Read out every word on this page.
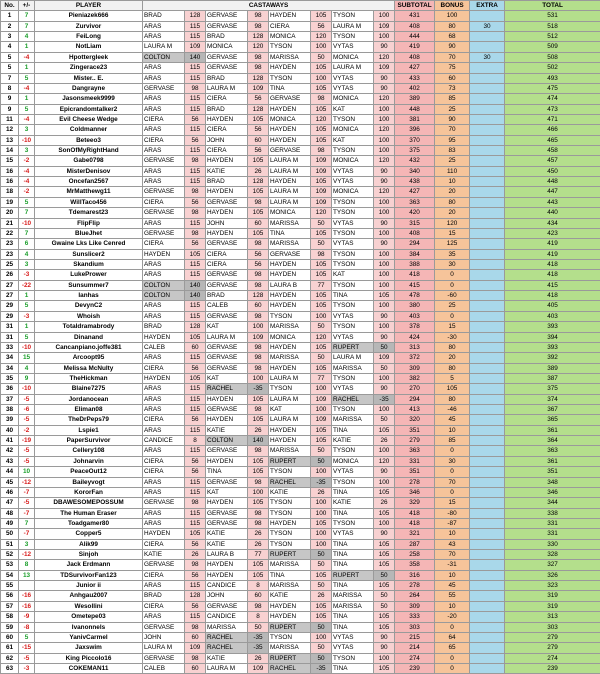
No.	+/-	PLAYER	CASTAWAYS								SUBTOTAL	BONUS	EXTRA	TOTAL
1	7	Pieniazek666	BRAD	128	GERVASE	98	HAYDEN	105	TYSON	100	431	100		531
2	7	Zurvivor	ARAS	115	GERVASE	98	CIERA	56	LAURA M	109	408	80	30	518
3	4	FeiLong	ARAS	115	BRAD	128	MONICA	120	TYSON	100	444	68		512
4	1	NotLiam	LAURA M	109	MONICA	120	TYSON	100	VYTAS	90	419	90		509
5	-4	Hpottergleek	COLTON	140	GERVASE	98	MARISSA	50	MONICA	120	408	70	30	508
5	1	Zingerace23	ARAS	115	GERVASE	98	HAYDEN	105	LAURA M	109	427	75		502
7	5	Mister.. E.	ARAS	115	BRAD	128	TYSON	100	VYTAS	90	433	60		493
8	-4	Dangrayne	GERVASE	98	LAURA M	109	TINA	105	VYTAS	90	402	73		475
9	1	Jasonsmeek9999	ARAS	115	CIERA	56	GERVASE	98	MONICA	120	389	85		474
9	5	Epicrandomtalker2	ARAS	115	BRAD	128	HAYDEN	105	KAT	100	448	25		473
11	-4	Evil Cheese Wedge	CIERA	56	HAYDEN	105	MONICA	120	TYSON	100	381	90		471
12	3	Coldmanner	ARAS	115	CIERA	56	HAYDEN	105	MONICA	120	396	70		466
13	-10	Beteeo3	CIERA	56	JOHN	60	HAYDEN	105	KAT	100	370	95		465
14	3	SonOfMyRightHand	ARAS	115	CIERA	56	GERVASE	98	TYSON	100	375	83		458
15	-2	Gabe0798	GERVASE	98	HAYDEN	105	LAURA M	109	MONICA	120	432	25		457
16	-4	MisterDenisov	ARAS	115	KATIE	26	LAURA M	109	VYTAS	90	340	110		450
16	-4	Oncefan2567	ARAS	115	BRAD	128	HAYDEN	105	VYTAS	90	438	10		448
18	-2	MrMatthewg11	GERVASE	98	HAYDEN	105	LAURA M	109	MONICA	120	427	20		447
19	5	WillTaco456	CIERA	56	GERVASE	98	LAURA M	109	TYSON	100	363	80		443
20	7	Tdemarest23	GERVASE	98	HAYDEN	105	MONICA	120	TYSON	100	420	20		440
21	-10	FlipFlip	ARAS	115	JOHN	60	MARISSA	50	VYTAS	90	315	120		434
22	7	BlueJhet	GERVASE	98	HAYDEN	105	TINA	105	TYSON	100	408	15		423
23	6	Gwaine Lks Like Cenred	CIERA	56	GERVASE	98	MARISSA	50	VYTAS	90	294	125		419
23	4	Sunslicer2	HAYDEN	105	CIERA	56	GERVASE	98	TYSON	100	384	35		419
25	3	Skandium	ARAS	115	CIERA	56	HAYDEN	105	TYSON	100	388	30		418
26	-3	LukePrower	ARAS	115	GERVASE	98	HAYDEN	105	KAT	100	418	0		418
27	-22	Sunsummer7	COLTON	140	GERVASE	98	LAURA B	77	TYSON	100	415	0		415
27	1	Ianhas	COLTON	140	BRAD	128	HAYDEN	105	TINA	105	478	-60		418
29	5	DevynC2	ARAS	115	CALEB	60	HAYDEN	105	TYSON	100	380	25		405
29	-3	Whoish	ARAS	115	GERVASE	98	TYSON	100	VYTAS	90	403	0		403
31	1	Totaldramabrody	BRAD	128	KAT	100	MARISSA	50	TYSON	100	378	15		393
31	5	Dinanand	HAYDEN	105	LAURA M	109	MONICA	120	VYTAS	90	424	-30		394
33	-10	Cancanpiano.joffe381	CALEB	60	GERVASE	98	HAYDEN	105	RUPERT	50	313	80		393
34	15	Arcoopt95	ARAS	115	GERVASE	98	MARISSA	50	LAURA M	109	372	20		392
34	4	Melissa McNulty	CIERA	56	GERVASE	98	HAYDEN	105	MARISSA	50	309	80		389
35	9	TheHickman	HAYDEN	105	KAT	100	LAURA M	77	TYSON	100	382	5		387
36	-10	Blaine7275	ARAS	115	RACHEL	-35	TYSON	100	VYTAS	90	270	105		375
37	-5	Jordanocean	ARAS	115	HAYDEN	105	LAURA M	109	RACHEL	-35	294	80		374
38	-6	Eliman08	ARAS	115	GERVASE	98	KAT	100	TYSON	100	413	-46		367
39	-5	TheDrPeps79	CIERA	56	HAYDEN	105	LAURA M	109	MARISSA	50	320	45		365
40	-2	Lspie1	ARAS	115	KATIE	26	HAYDEN	105	TINA	105	351	10		361
41	-19	PaperSurvivor	CANDICE	8	COLTON	140	HAYDEN	105	KATIE	26	279	85		364
42	-5	Cellery108	ARAS	115	GERVASE	98	MARISSA	50	TYSON	100	363	0		363
43	-5	Johnarvin	CIERA	56	HAYDEN	105	RUPERT	50	MONICA	120	331	30		361
44	10	PeaceOut12	CIERA	56	TINA	105	TYSON	100	VYTAS	90	351	0		351
45	-12	Baileyvogt	ARAS	115	GERVASE	98	RACHEL	-35	TYSON	100	278	70		348
46	-7	KororFan	ARAS	115	KAT	100	KATIE	26	TINA	105	346	0		346
47	-5	DBAWESOMEPOSSUM	GERVASE	98	HAYDEN	105	TYSON	100	KATIE	26	329	15		344
48	-7	The Human Eraser	ARAS	115	GERVASE	98	TYSON	100	TINA	105	418	-80		338
49	7	Toadgamer80	ARAS	115	GERVASE	98	HAYDEN	105	TYSON	100	418	-87		331
50	-7	Copper5	HAYDEN	105	KATIE	26	TYSON	100	VYTAS	90	321	10		331
51	3	Alik99	CIERA	56	KATIE	26	TYSON	100	TINA	105	287	43		330
52	-12	Sinjoh	KATIE	26	LAURA B	77	RUPERT	50	TINA	105	258	70		328
53	8	Jack Erdmann	GERVASE	98	HAYDEN	105	MARISSA	50	TINA	105	358	-31		327
54	13	TDSurvivorFan123	CIERA	56	HAYDEN	105	TINA	105	RUPERT	50	316	10		326
55		Junior ii	ARAS	115	CANDICE	8	MARISSA	50	TINA	105	278	45		323
56	-16	Anhgau2007	BRAD	128	JOHN	60	KATIE	26	MARISSA	50	264	55		319
57	-16	Wesollini	CIERA	56	GERVASE	98	HAYDEN	105	MARISSA	50	309	10		319
58	-9	Ometepe03	ARAS	115	CANDICE	8	HAYDEN	105	TINA	105	333	-20		313
59	-8	Ivanonnels	GERVASE	98	MARISSA	50	RUPERT	50	TINA	105	303	0		303
60	5	YanivCarmel	JOHN	60	RACHEL	-35	TYSON	100	VYTAS	90	215	64		279
61	-15	Jaxswim	LAURA M	109	RACHEL	-35	MARISSA	50	VYTAS	90	214	65		279
62	-5	King Piccolo16	GERVASE	98	KATIE	26	RUPERT	50	TYSON	100	274	0		274
63	-3	COKEMAN11	CALEB	60	LAURA M	109	RACHEL	-35	TINA	105	239	0		239
